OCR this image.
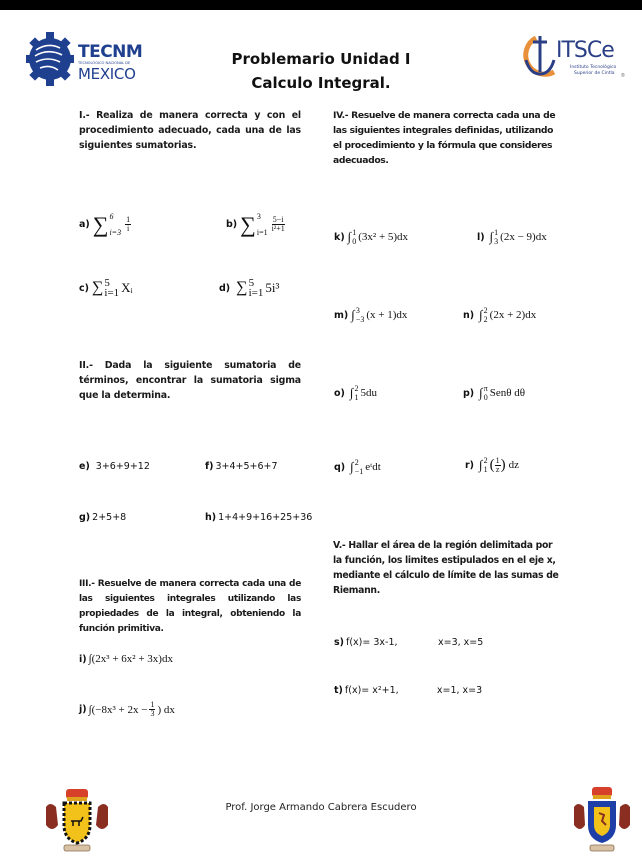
TECNM
TECNOLÓGICO NACIONAL DE
MEXICO
Problemario Unidad I
Calculo Integral.
ITSCe
Instituto Tecnológico
Superior de Cintla ®
I.- Realiza de manera correcta y con el procedimiento adecuado, cada una de las siguientes sumatorias.
a) ∑ 6
$i=3 \frac{1}{i}$	b) ∑ 3
$i=1 \frac{5-i}{\text{i²+1}}$
c) ∑ 5
i=1 Xᵢ	d) ∑ 5
i=1 5i³
II.- Dada la siguiente sumatoria de términos, encontrar la sumatoria sigma que la determina.
e) 3+6+9+12	f) 3+4+5+6+7
g) 2+5+8	h) 1+4+9+16+25+36
III.- Resuelve de manera correcta cada una de las siguientes integrales utilizando las propiedades de la integral, obteniendo la función primitiva.
i) ∫(2x³ + 6x² + 3x)dx
j) $\int(-8x^3 + 2x - \frac{1}{3}$ ) dx
IV.- Resuelve de manera correcta cada una de las siguientes integrales definidas, utilizando el procedimiento y la fórmula que consideres adecuados.
k) ∫ 1
0 (3x² + 5)dx	l) ∫ 1
3 (2x − 9)dx
m) ∫ 3
−3 (x + 1)dx	n) ∫ 2
2 (2x + 2)dx
o) ∫ 2
1 5du	p) ∫ π
0 Senθ dθ
q) ∫ 2
−1 eᵗdt	r) ∫ 2
1 ( $\frac{1}{z}$ ) dz
V.- Hallar el área de la región delimitada por la función, los limites estipulados en el eje x, mediante el cálculo de límite de las sumas de Riemann.
s) f(x)= 3x-1,	x=3, x=5
t) f(x)= x²+1,	x=1, x=3
Prof. Jorge Armando Cabrera Escudero
